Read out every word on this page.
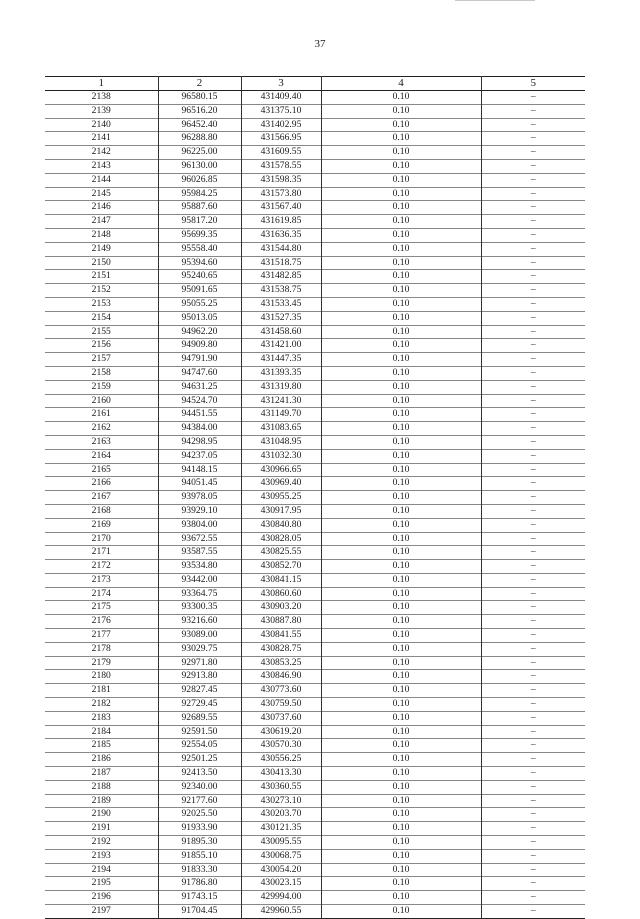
37
1	2	3	4	5
2138	96580.15	431409.40	0.10	–
2139	96516.20	431375.10	0.10	–
2140	96452.40	431402.95	0.10	–
2141	96288.80	431566.95	0.10	–
2142	96225.00	431609.55	0.10	–
2143	96130.00	431578.55	0.10	–
2144	96026.85	431598.35	0.10	–
2145	95984.25	431573.80	0.10	–
2146	95887.60	431567.40	0.10	–
2147	95817.20	431619.85	0.10	–
2148	95699.35	431636.35	0.10	–
2149	95558.40	431544.80	0.10	–
2150	95394.60	431518.75	0.10	–
2151	95240.65	431482.85	0.10	–
2152	95091.65	431538.75	0.10	–
2153	95055.25	431533.45	0.10	–
2154	95013.05	431527.35	0.10	–
2155	94962.20	431458.60	0.10	–
2156	94909.80	431421.00	0.10	–
2157	94791.90	431447.35	0.10	–
2158	94747.60	431393.35	0.10	–
2159	94631.25	431319.80	0.10	–
2160	94524.70	431241.30	0.10	–
2161	94451.55	431149.70	0.10	–
2162	94384.00	431083.65	0.10	–
2163	94298.95	431048.95	0.10	–
2164	94237.05	431032.30	0.10	–
2165	94148.15	430966.65	0.10	–
2166	94051.45	430969.40	0.10	–
2167	93978.05	430955.25	0.10	–
2168	93929.10	430917.95	0.10	–
2169	93804.00	430840.80	0.10	–
2170	93672.55	430828.05	0.10	–
2171	93587.55	430825.55	0.10	–
2172	93534.80	430852.70	0.10	–
2173	93442.00	430841.15	0.10	–
2174	93364.75	430860.60	0.10	–
2175	93300.35	430903.20	0.10	–
2176	93216.60	430887.80	0.10	–
2177	93089.00	430841.55	0.10	–
2178	93029.75	430828.75	0.10	–
2179	92971.80	430853.25	0.10	–
2180	92913.80	430846.90	0.10	–
2181	92827.45	430773.60	0.10	–
2182	92729.45	430759.50	0.10	–
2183	92689.55	430737.60	0.10	–
2184	92591.50	430619.20	0.10	–
2185	92554.05	430570.30	0.10	–
2186	92501.25	430556.25	0.10	–
2187	92413.50	430413.30	0.10	–
2188	92340.00	430360.55	0.10	–
2189	92177.60	430273.10	0.10	–
2190	92025.50	430203.70	0.10	–
2191	91933.90	430121.35	0.10	–
2192	91895.30	430095.55	0.10	–
2193	91855.10	430068.75	0.10	–
2194	91833.30	430054.20	0.10	–
2195	91786.80	430023.15	0.10	–
2196	91743.15	429994.00	0.10	–
2197	91704.45	429960.55	0.10	–
